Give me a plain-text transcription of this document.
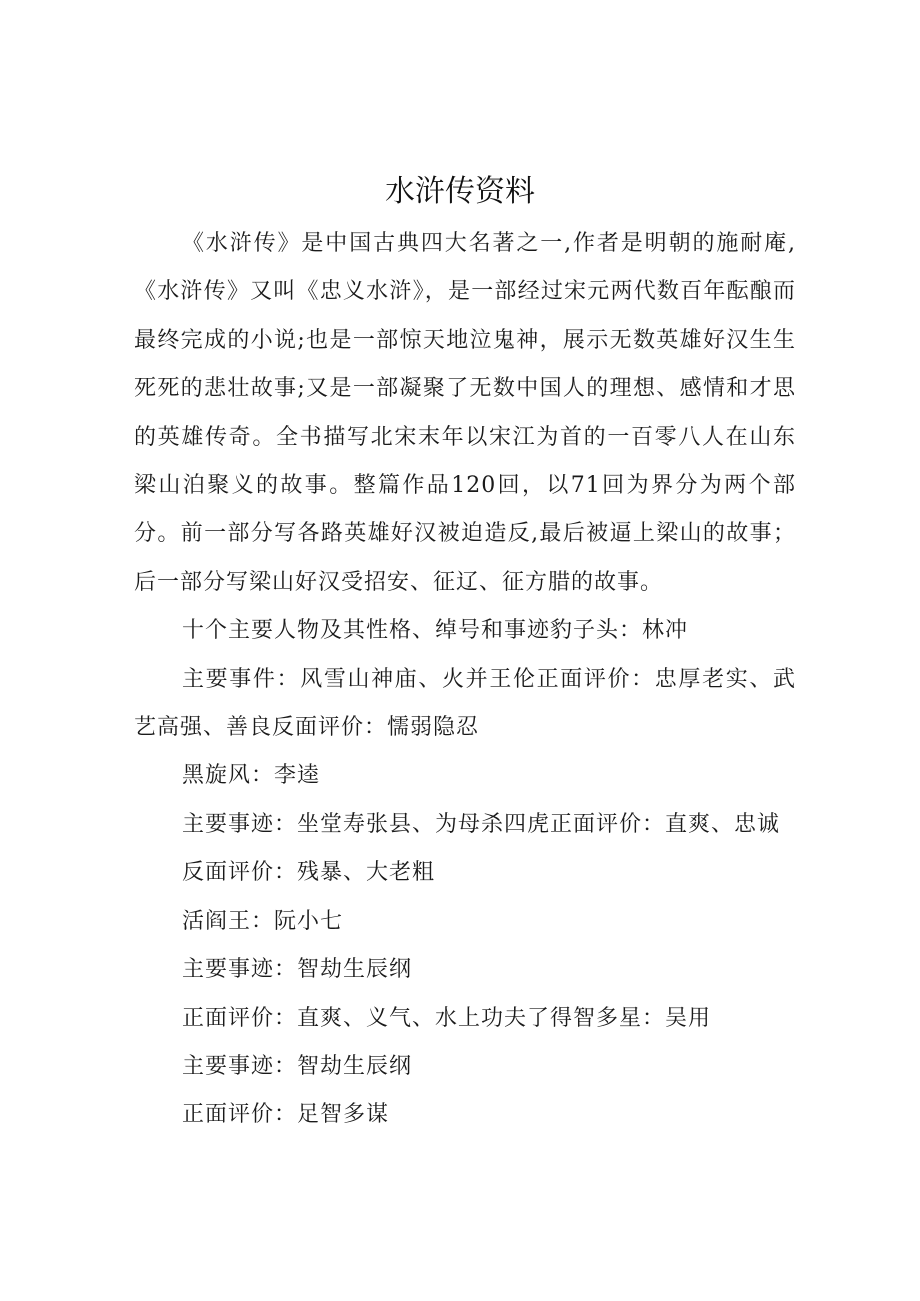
水浒传资料

《水浒传》是中国古典四大名著之一,作者是明朝的施耐庵,《水浒传》又叫《忠义水浒》，是一部经过宋元两代数百年酝酿而最终完成的小说;也是一部惊天地泣鬼神，展示无数英雄好汉生生死死的悲壮故事;又是一部凝聚了无数中国人的理想、感情和才思的英雄传奇。全书描写北宋末年以宋江为首的一百零八人在山东梁山泊聚义的故事。整篇作品120回，以71回为界分为两个部分。前一部分写各路英雄好汉被迫造反,最后被逼上梁山的故事；后一部分写梁山好汉受招安、征辽、征方腊的故事。

十个主要人物及其性格、绰号和事迹豹子头：林冲

主要事件：风雪山神庙、火并王伦正面评价：忠厚老实、武艺高强、善良反面评价：懦弱隐忍

黑旋风：李逵

主要事迹：坐堂寿张县、为母杀四虎正面评价：直爽、忠诚

反面评价：残暴、大老粗

活阎王：阮小七

主要事迹：智劫生辰纲

正面评价：直爽、义气、水上功夫了得智多星：吴用

主要事迹：智劫生辰纲

正面评价：足智多谋
